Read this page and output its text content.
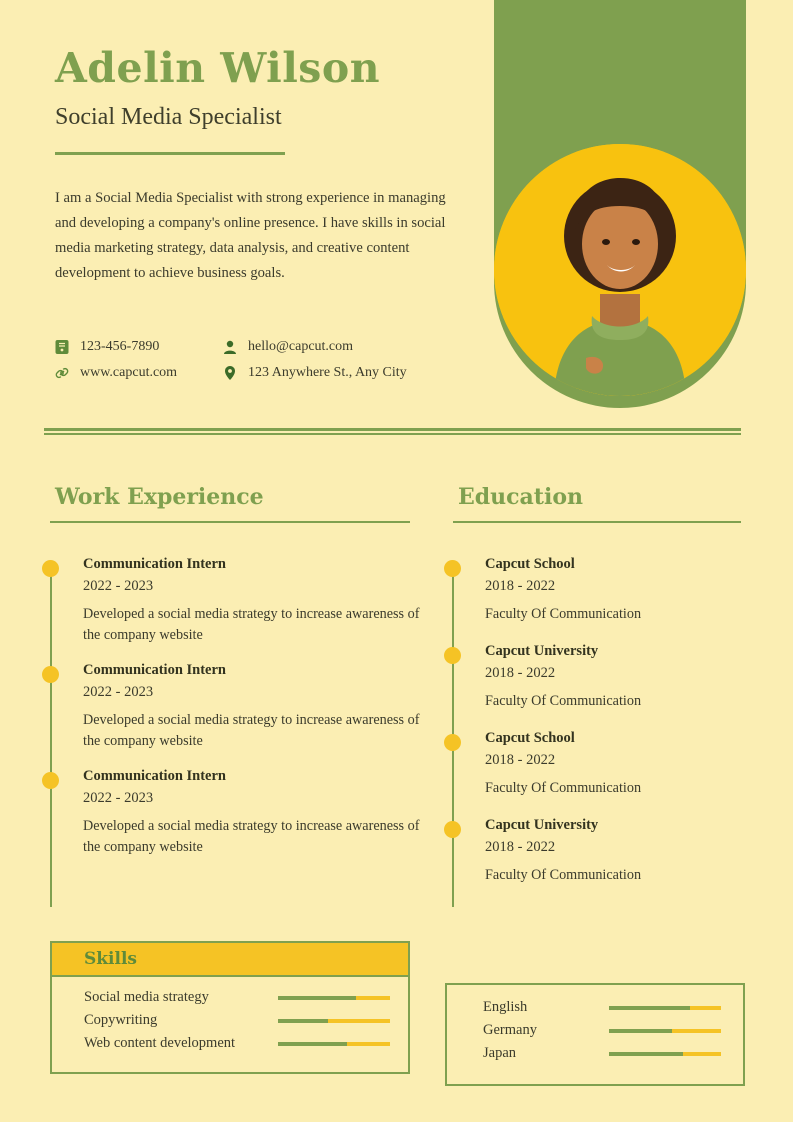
Adelin Wilson
Social Media Specialist
I am a Social Media Specialist with strong experience in managing and developing a company's online presence. I have skills in social media marketing strategy, data analysis, and creative content development to achieve business goals.
123-456-7890	hello@capcut.com
www.capcut.com	123 Anywhere St., Any City
Work Experience
Communication Intern
2022 - 2023
Developed a social media strategy to increase awareness of the company website
Communication Intern
2022 - 2023
Developed a social media strategy to increase awareness of the company website
Communication Intern
2022 - 2023
Developed a social media strategy to increase awareness of the company website
Education
Capcut School
2018 - 2022
Faculty Of Communication
Capcut University
2018 - 2022
Faculty Of Communication
Capcut School
2018 - 2022
Faculty Of Communication
Capcut University
2018 - 2022
Faculty Of Communication
Skills
Social media strategy
Copywriting
Web content development
English
Germany
Japan
